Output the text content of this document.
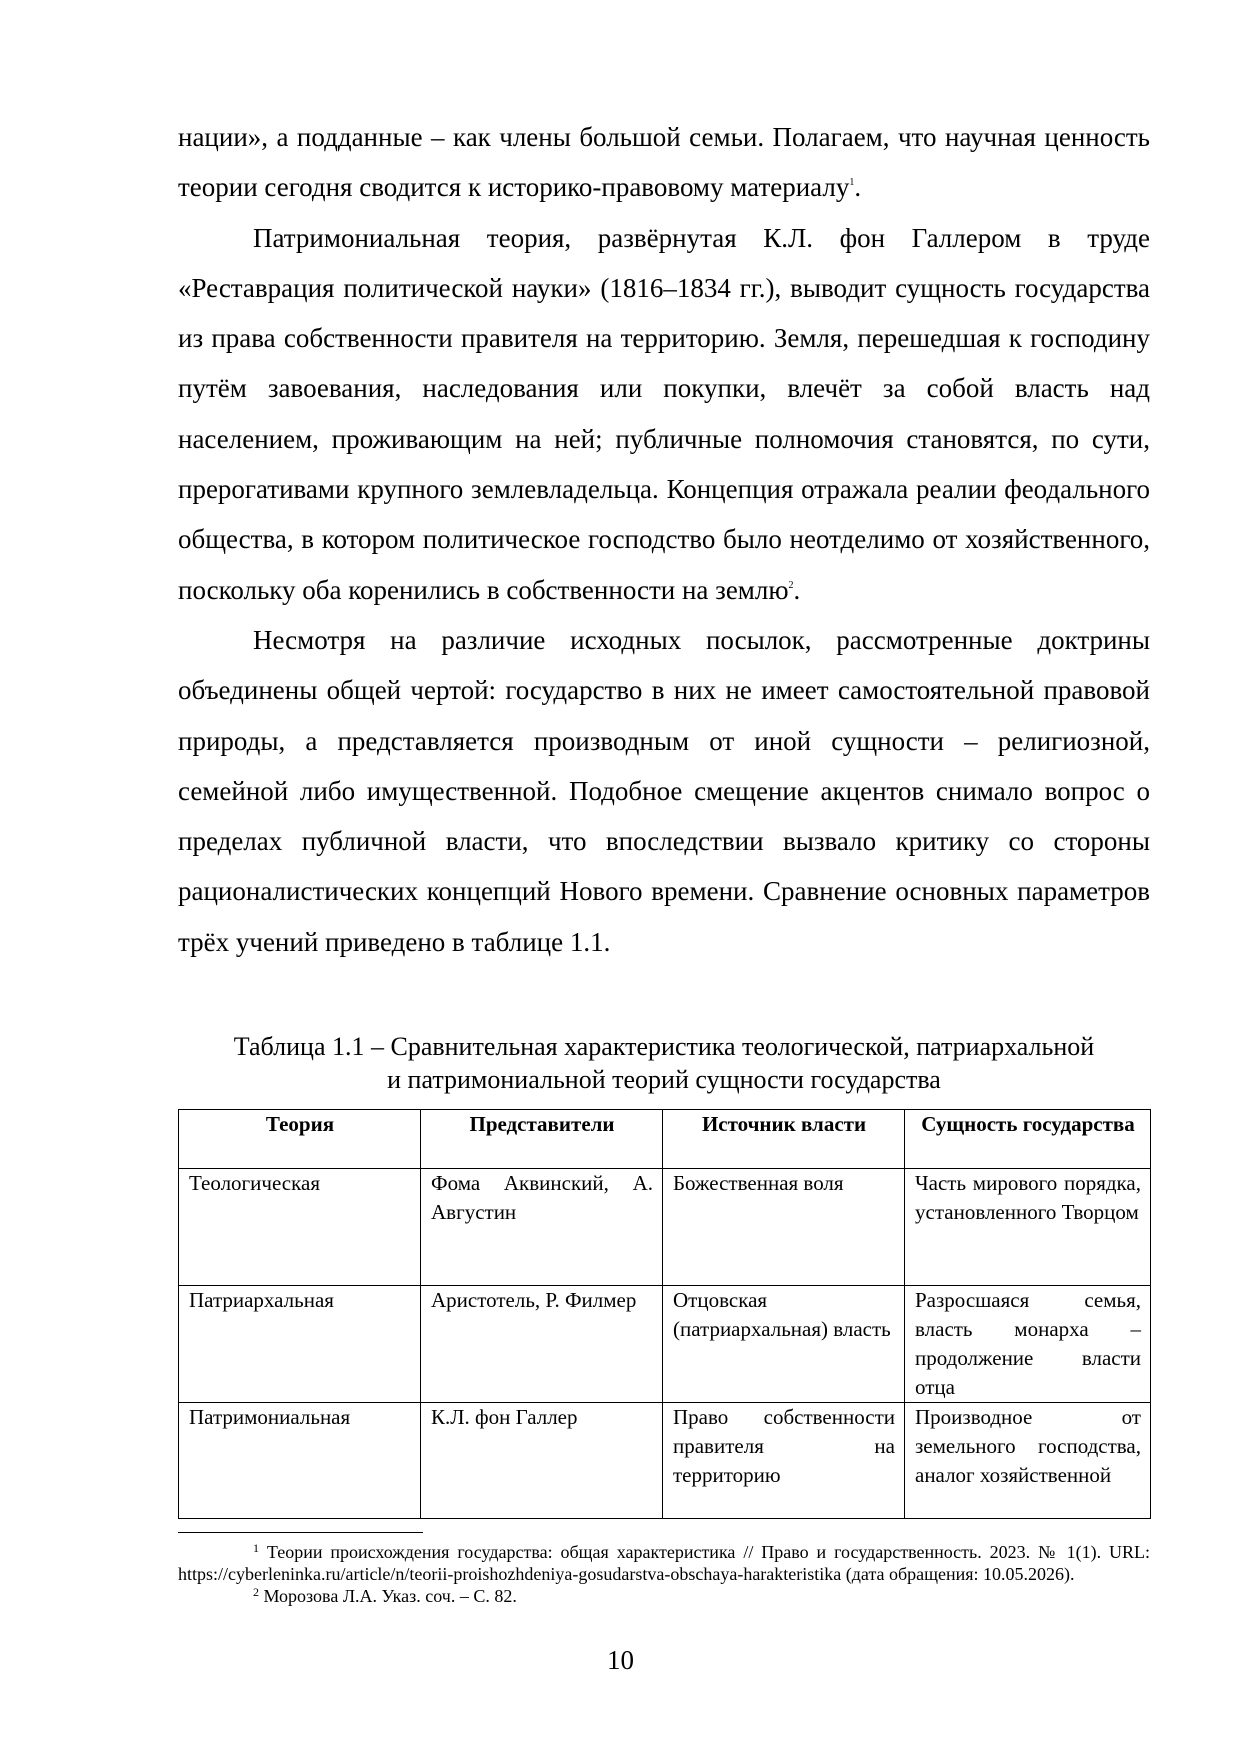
нации», а подданные – как члены большой семьи. Полагаем, что научная ценность теории сегодня сводится к историко-правовому материалу$^1$.

Патримониальная теория, развёрнутая К.Л. фон Галлером в труде «Реставрация политической науки» (1816–1834 гг.), выводит сущность государства из права собственности правителя на территорию. Земля, перешедшая к господину путём завоевания, наследования или покупки, влечёт за собой власть над населением, проживающим на ней; публичные полномочия становятся, по сути, прерогативами крупного землевладельца. Концепция отражала реалии феодального общества, в котором политическое господство было неотделимо от хозяйственного, поскольку оба коренились в собственности на землю$^2$.

Несмотря на различие исходных посылок, рассмотренные доктрины объединены общей чертой: государство в них не имеет самостоятельной правовой природы, а представляется производным от иной сущности – религиозной, семейной либо имущественной. Подобное смещение акцентов снимало вопрос о пределах публичной власти, что впоследствии вызвало критику со стороны рационалистических концепций Нового времени. Сравнение основных параметров трёх учений приведено в таблице 1.1.

Таблица 1.1 – Сравнительная характеристика теологической, патриархальной
и патримониальной теорий сущности государства
Теория	Представители	Источник власти	Сущность государства
Теологическая	Фома Аквинский, А. Августин	Божественная воля	Часть мирового порядка, установленного Творцом
Патриархальная	Аристотель, Р. Филмер	Отцовская (патриархальная) власть	Разросшаяся семья, власть монарха – продолжение власти отца
Патримониальная	К.Л. фон Галлер	Право собственности правителя на территорию	Производное от земельного господства, аналог хозяйственной

$^1$ Теории происхождения государства: общая характеристика // Право и государственность. 2023. № 1(1). URL: https://cyberleninka.ru/article/n/teorii-proishozhdeniya-gosudarstva-obschaya-harakteristika (дата обращения: 10.05.2026).

$^2$ Морозова Л.А. Указ. соч. – С. 82.

10
